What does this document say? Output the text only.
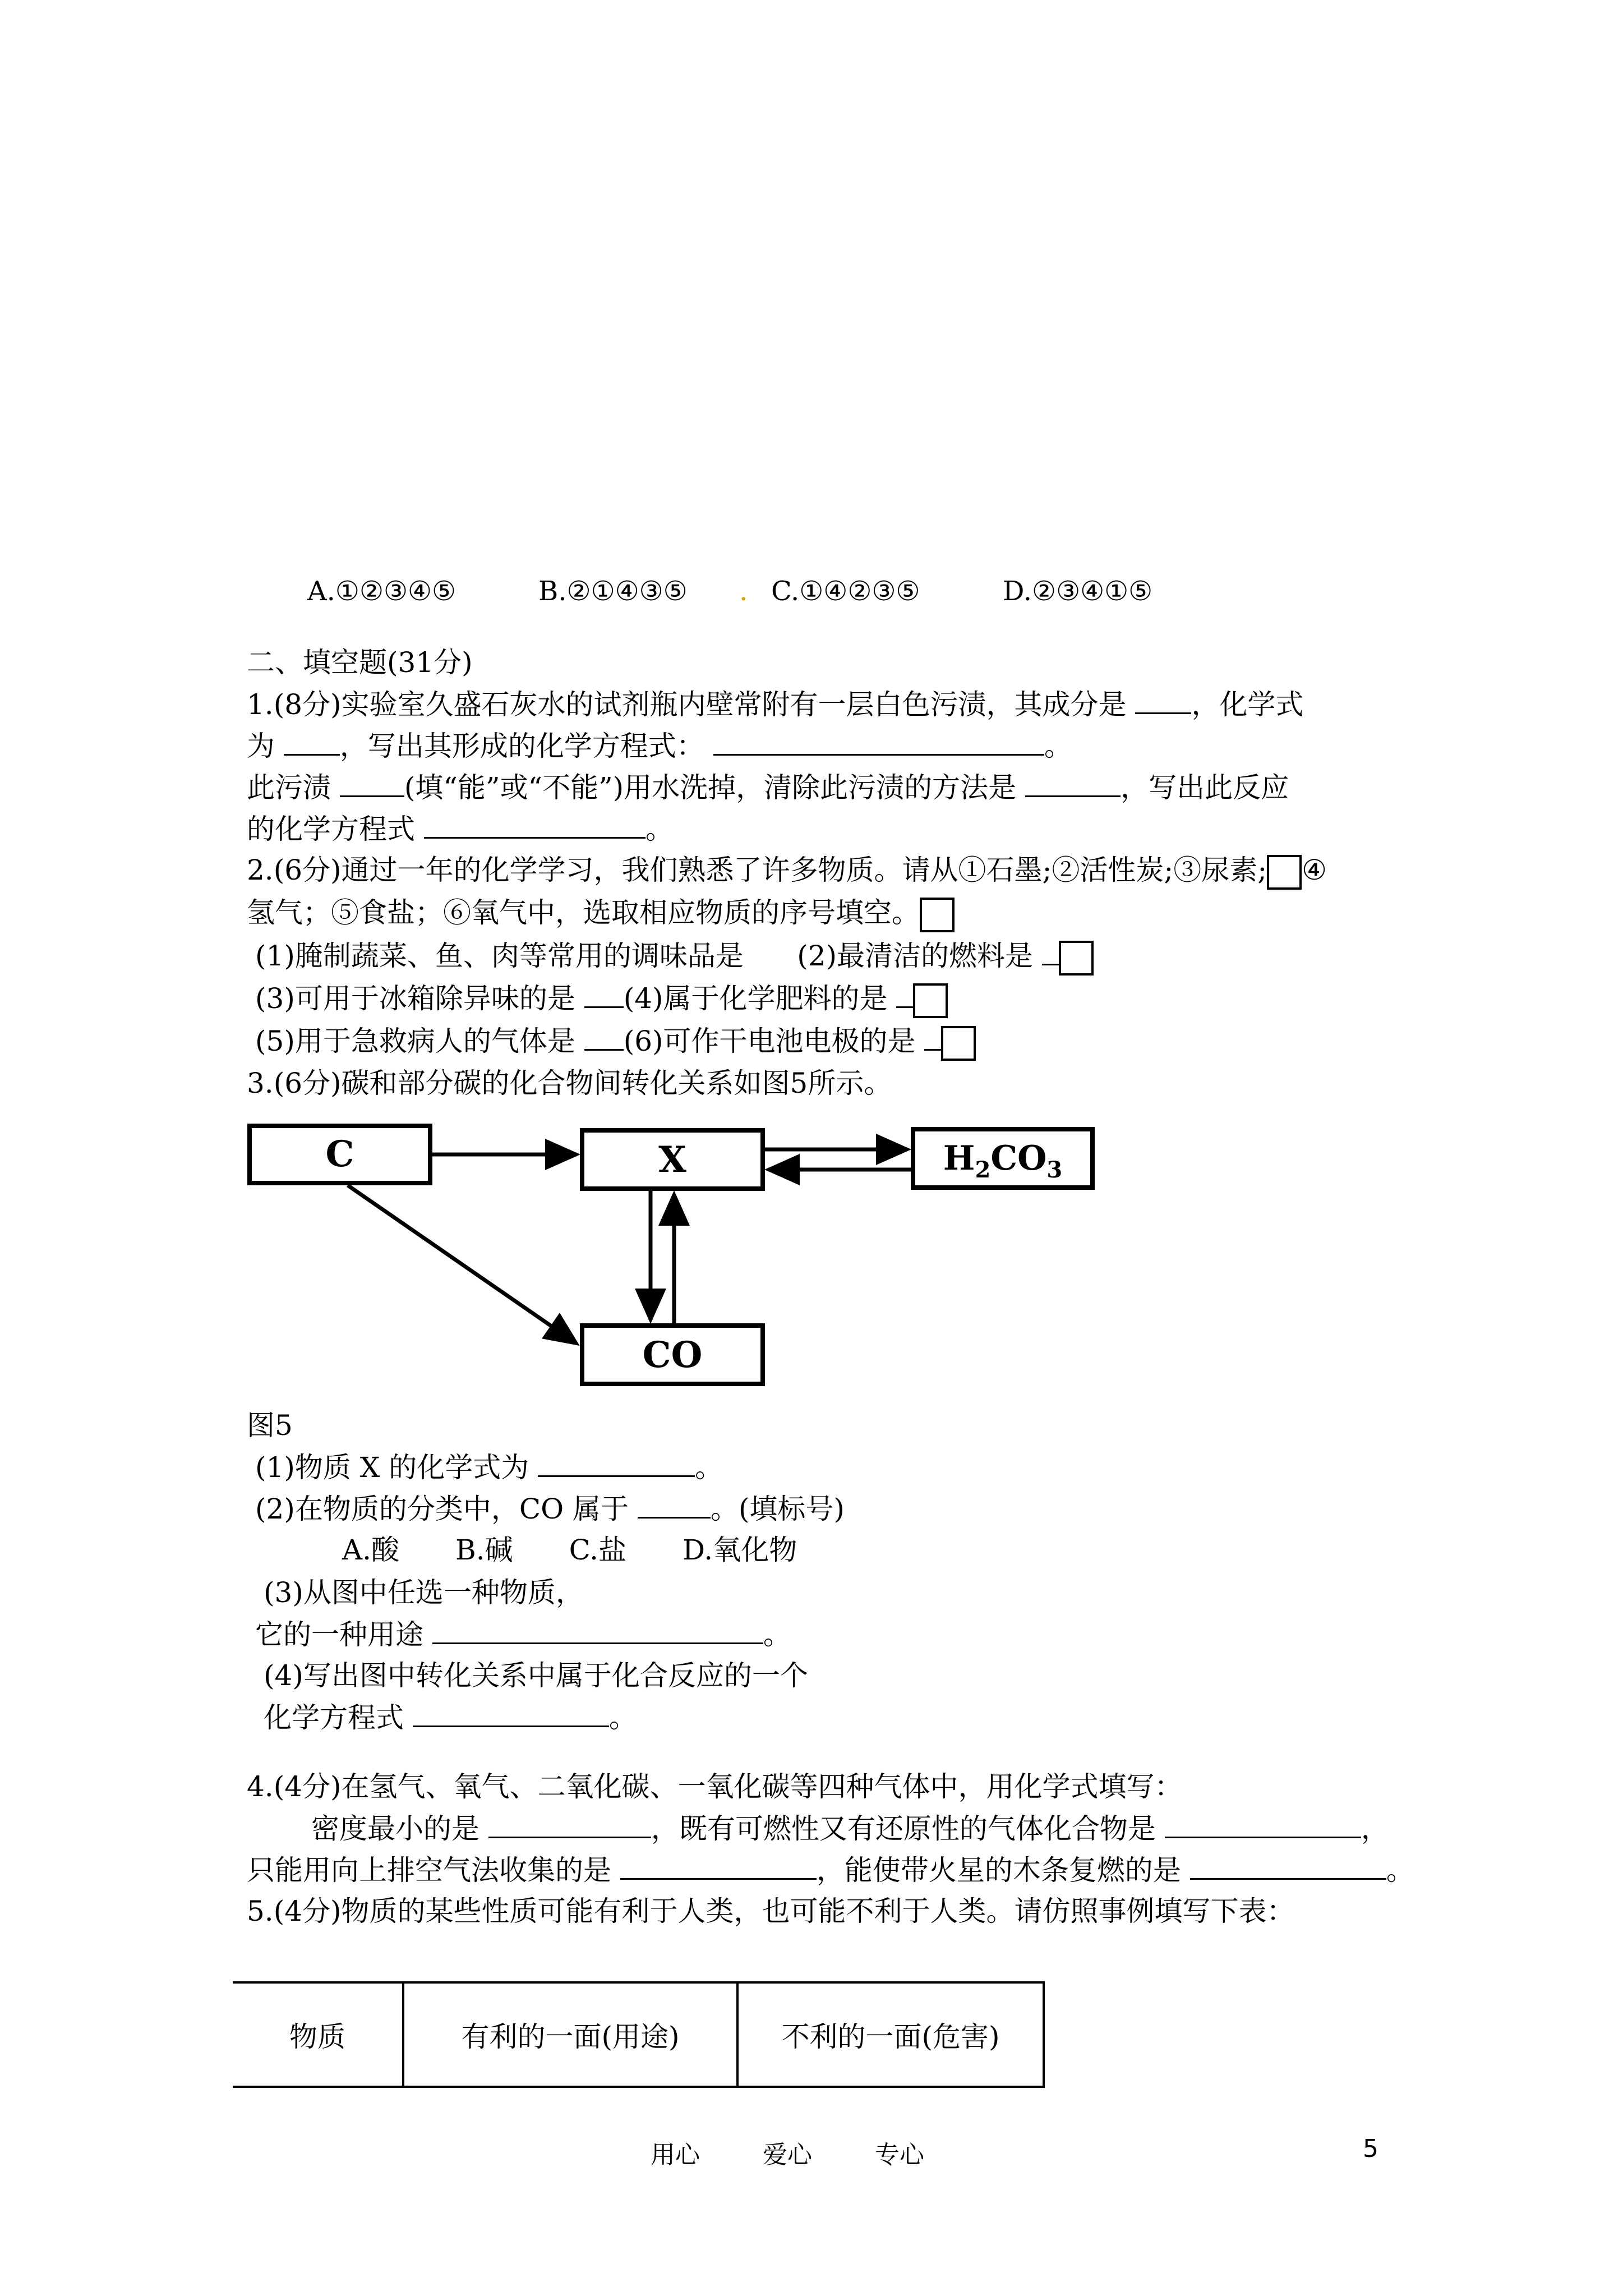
A.①②③④⑤	B.②①④③⑤ . C.①④②③⑤	D.②③④①⑤
二、填空题(31分)
1.(8分)实验室久盛石灰水的试剂瓶内壁常附有一层白色污渍，其成分是 ，化学式
为 ，写出其形成的化学方程式：	。
此污渍	(填“能”或“不能”)用水洗掉，清除此污渍的方法是	，写出此反应
的化学方程式	。
2.(6分)通过一年的化学学习，我们熟悉了许多物质。请从①石墨;②活性炭;③尿素; ④
氢气；⑤食盐；⑥氧气中，选取相应物质的序号填空。
(1)腌制蔬菜、鱼、肉等常用的调味品是 (2)最清洁的燃料是
(3)可用于冰箱除异味的是 (4)属于化学肥料的是
(5)用于急救病人的气体是 (6)可作干电池电极的是
3.(6分)碳和部分碳的化合物间转化关系如图5所示。
C	X	$H_2CO_3$
CO
图5
(1)物质 X 的化学式为	。
(2)在物质的分类中，CO 属于	。(填标号)
A.酸　　B.碱　　C.盐　　D.氧化物
(3)从图中任选一种物质，
它的一种用途	。
(4)写出图中转化关系中属于化合反应的一个
化学方程式	。
4.(4分)在氢气、氧气、二氧化碳、一氧化碳等四种气体中，用化学式填写：
密度最小的是	，既有可燃性又有还原性的气体化合物是	，
只能用向上排空气法收集的是	，能使带火星的木条复燃的是	。
5.(4分)物质的某些性质可能有利于人类，也可能不利于人类。请仿照事例填写下表：
物质	有利的一面(用途)	不利的一面(危害)
用心	爱心	专心	5
